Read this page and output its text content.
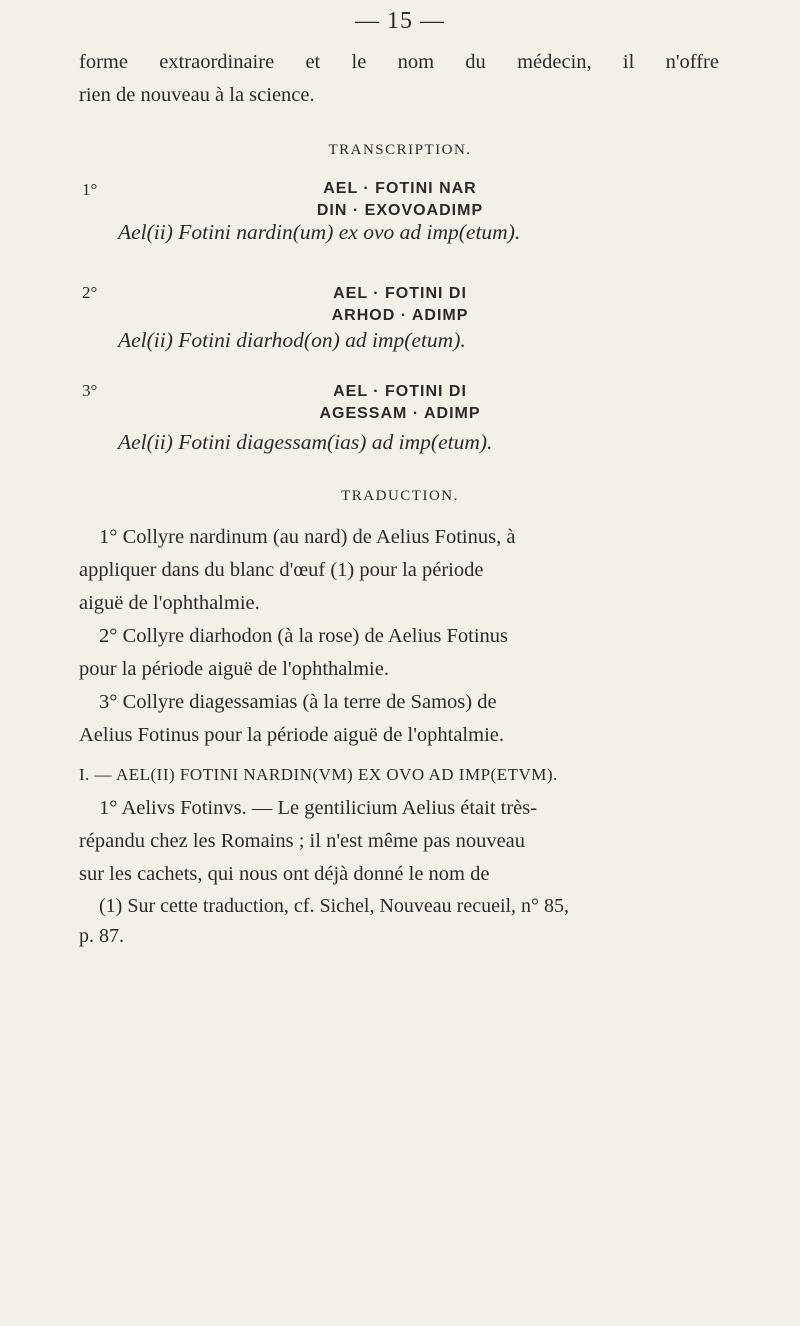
— 15 —
forme extraordinaire et le nom du médecin, il n'offre
rien de nouveau à la science.
TRANSCRIPTION.
1°	AEL · FOTINI NAR
DIN · EXOVOADIMP
Ael(ii) Fotini nardin(um) ex ovo ad imp(etum).
2°	AEL · FOTINI DI
ARHOD · ADIMP
Ael(ii) Fotini diarhod(on) ad imp(etum).
3°	AEL · FOTINI DI
AGESSAM · ADIMP
Ael(ii) Fotini diagessam(ias) ad imp(etum).
TRADUCTION.
1° Collyre nardinum (au nard) de Aelius Fotinus, à
appliquer dans du blanc d'œuf (1) pour la période
aiguë de l'ophthalmie.
2° Collyre diarhodon (à la rose) de Aelius Fotinus
pour la période aiguë de l'ophthalmie.
3° Collyre diagessamias (à la terre de Samos) de
Aelius Fotinus pour la période aiguë de l'ophtalmie.
I. — AEL(II) FOTINI NARDIN(VM) EX OVO AD IMP(ETVM).
1° Aelivs Fotinvs. — Le gentilicium Aelius était très-
répandu chez les Romains ; il n'est même pas nouveau
sur les cachets, qui nous ont déjà donné le nom de
(1) Sur cette traduction, cf. Sichel, Nouveau recueil, n° 85,
p. 87.
